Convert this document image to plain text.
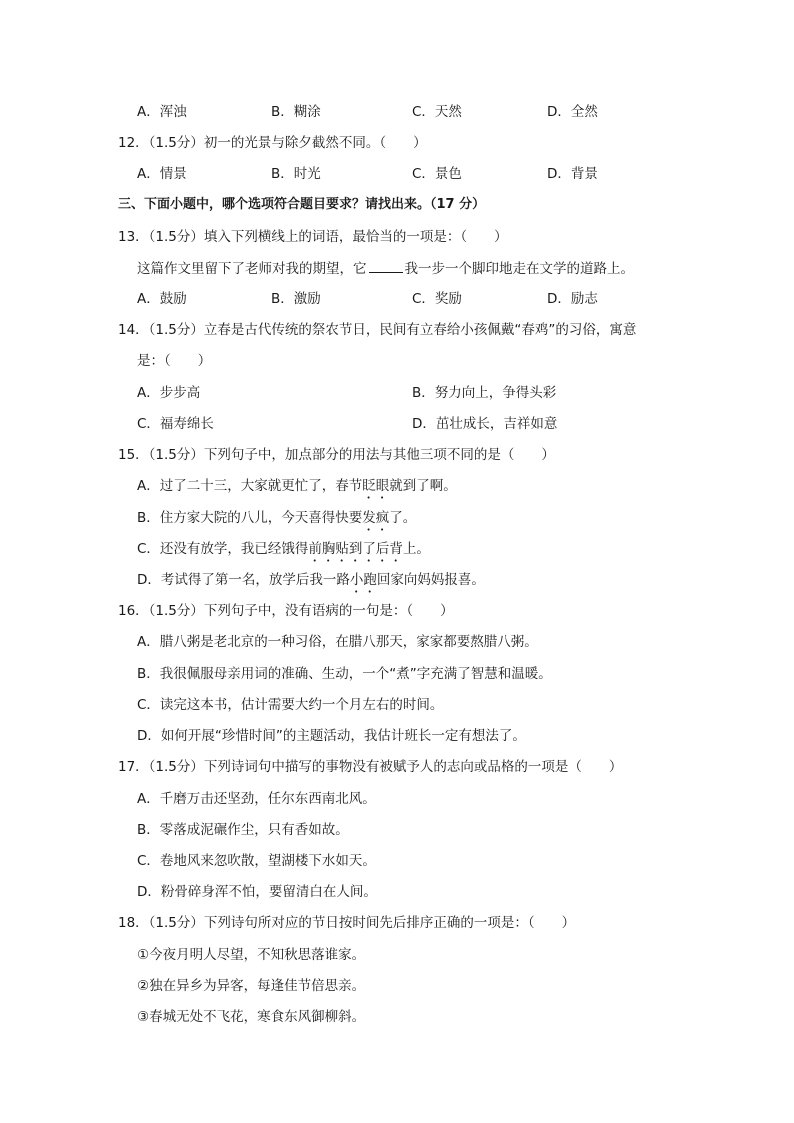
A．浑浊	B．糊涂	C．天然	D．全然
12．（1.5分）初一的光景与除夕截然不同。（　　）
A．情景	B．时光	C．景色	D．背景
三、下面小题中，哪个选项符合题目要求？请找出来。（17 分）
13．（1.5分）填入下列横线上的词语，最恰当的一项是：（　　）
这篇作文里留下了老师对我的期望，它	我一步一个脚印地走在文学的道路上。
A．鼓励	B．激励	C．奖励	D．励志
14．（1.5分）立春是古代传统的祭农节日，民间有立春给小孩佩戴“春鸡”的习俗，寓意
是：（　　）
A．步步高	B．努力向上，争得头彩
C．福寿绵长	D．茁壮成长，吉祥如意
15．（1.5分）下列句子中，加点部分的用法与其他三项不同的是（　　）
A．过了二十三，大家就更忙了，春节眨眼就到了啊。
B．住方家大院的八儿，今天喜得快要发疯了。
C．还没有放学，我已经饿得前胸贴到了后背上。
D．考试得了第一名，放学后我一路小跑回家向妈妈报喜。
16．（1.5分）下列句子中，没有语病的一句是：（　　）
A．腊八粥是老北京的一种习俗，在腊八那天，家家都要熬腊八粥。
B．我很佩服母亲用词的准确、生动，一个“煮”字充满了智慧和温暖。
C．读完这本书，估计需要大约一个月左右的时间。
D．如何开展“珍惜时间”的主题活动，我估计班长一定有想法了。
17．（1.5分）下列诗词句中描写的事物没有被赋予人的志向或品格的一项是（　　）
A．千磨万击还坚劲，任尔东西南北风。
B．零落成泥碾作尘，只有香如故。
C．卷地风来忽吹散，望湖楼下水如天。
D．粉骨碎身浑不怕，要留清白在人间。
18．（1.5分）下列诗句所对应的节日按时间先后排序正确的一项是：（　　）
①今夜月明人尽望，不知秋思落谁家。
②独在异乡为异客，每逢佳节倍思亲。
③春城无处不飞花，寒食东风御柳斜。
